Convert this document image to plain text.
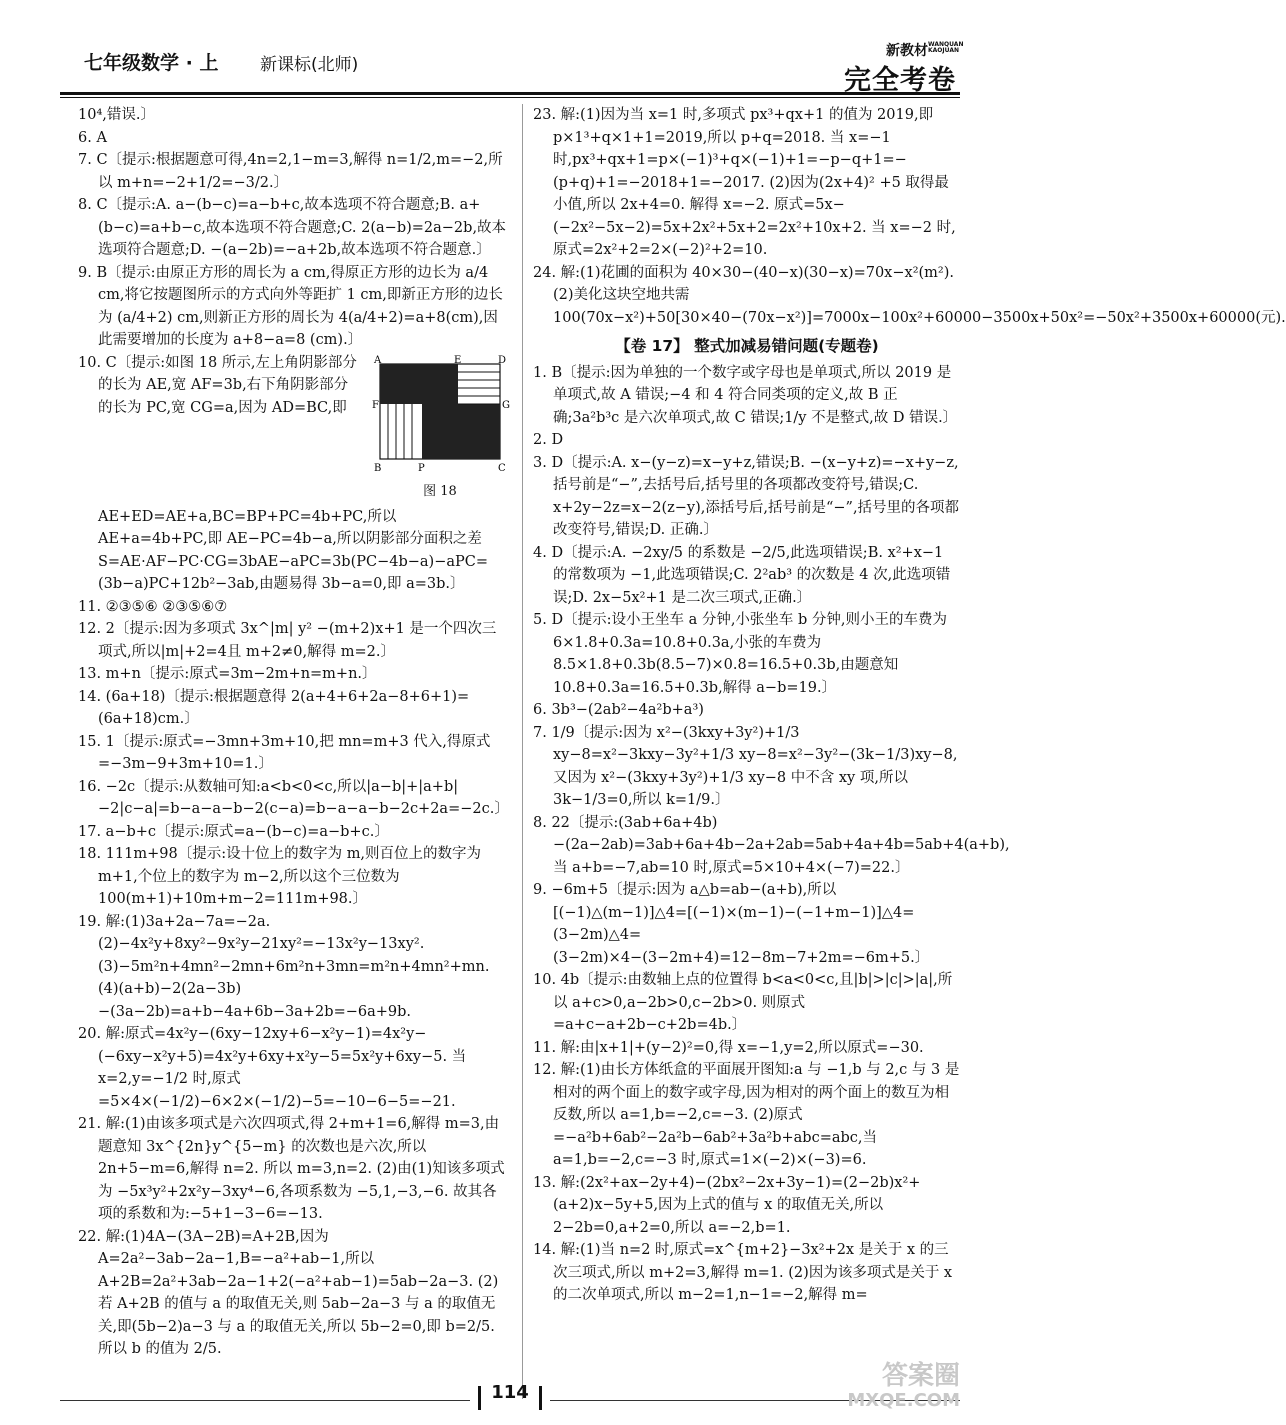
七年级数学 · 上 新课标(北师)
新教材 WANQUAN KAOJUAN
完全考卷
10⁴,错误.〕
6. A
7. C〔提示:根据题意可得,4n=2,1−m=3,解得 n=1/2,m=−2,所以 m+n=−2+1/2=−3/2.〕
8. C〔提示:A. a−(b−c)=a−b+c,故本选项不符合题意;B. a+(b−c)=a+b−c,故本选项不符合题意;C. 2(a−b)=2a−2b,故本选项符合题意;D. −(a−2b)=−a+2b,故本选项不符合题意.〕
9. B〔提示:由原正方形的周长为 a cm,得原正方形的边长为 a/4 cm,将它按题图所示的方式向外等距扩 1 cm,即新正方形的边长为 (a/4+2) cm,则新正方形的周长为 4(a/4+2)=a+8(cm),因此需要增加的长度为 a+8−a=8 (cm).〕
A	E	D
F	G
B	P	C
图 18
10. C〔提示:如图 18 所示,左上角阴影部分的长为 AE,宽 AF=3b,右下角阴影部分的长为 PC,宽 CG=a,因为 AD=BC,即 AE+ED=AE+a,BC=BP+PC=4b+PC,所以 AE+a=4b+PC,即 AE−PC=4b−a,所以阴影部分面积之差 S=AE·AF−PC·CG=3bAE−aPC=3b(PC−4b−a)−aPC=(3b−a)PC+12b²−3ab,由题易得 3b−a=0,即 a=3b.〕
11. ②③⑤⑥ ②③⑤⑥⑦
12. 2〔提示:因为多项式 3x^|m| y² −(m+2)x+1 是一个四次三项式,所以|m|+2=4且 m+2≠0,解得 m=2.〕
13. m+n〔提示:原式=3m−2m+n=m+n.〕
14. (6a+18)〔提示:根据题意得 2(a+4+6+2a−8+6+1)=(6a+18)cm.〕
15. 1〔提示:原式=−3mn+3m+10,把 mn=m+3 代入,得原式=−3m−9+3m+10=1.〕
16. −2c〔提示:从数轴可知:a<b<0<c,所以|a−b|+|a+b|−2|c−a|=b−a−a−b−2(c−a)=b−a−a−b−2c+2a=−2c.〕
17. a−b+c〔提示:原式=a−(b−c)=a−b+c.〕
18. 111m+98〔提示:设十位上的数字为 m,则百位上的数字为 m+1,个位上的数字为 m−2,所以这个三位数为 100(m+1)+10m+m−2=111m+98.〕
19. 解:(1)3a+2a−7a=−2a. (2)−4x²y+8xy²−9x²y−21xy²=−13x²y−13xy². (3)−5m²n+4mn²−2mn+6m²n+3mn=m²n+4mn²+mn. (4)(a+b)−2(2a−3b)−(3a−2b)=a+b−4a+6b−3a+2b=−6a+9b.
20. 解:原式=4x²y−(6xy−12xy+6−x²y−1)=4x²y−(−6xy−x²y+5)=4x²y+6xy+x²y−5=5x²y+6xy−5. 当 x=2,y=−1/2 时,原式=5×4×(−1/2)−6×2×(−1/2)−5=−10−6−5=−21.
21. 解:(1)由该多项式是六次四项式,得 2+m+1=6,解得 m=3,由题意知 3x^{2n}y^{5−m} 的次数也是六次,所以 2n+5−m=6,解得 n=2. 所以 m=3,n=2. (2)由(1)知该多项式为 −5x³y²+2x²y−3xy⁴−6,各项系数为 −5,1,−3,−6. 故其各项的系数和为:−5+1−3−6=−13.
22. 解:(1)4A−(3A−2B)=A+2B,因为 A=2a²−3ab−2a−1,B=−a²+ab−1,所以 A+2B=2a²+3ab−2a−1+2(−a²+ab−1)=5ab−2a−3. (2)若 A+2B 的值与 a 的取值无关,则 5ab−2a−3 与 a 的取值无关,即(5b−2)a−3 与 a 的取值无关,所以 5b−2=0,即 b=2/5. 所以 b 的值为 2/5.
23. 解:(1)因为当 x=1 时,多项式 px³+qx+1 的值为 2019,即 p×1³+q×1+1=2019,所以 p+q=2018. 当 x=−1 时,px³+qx+1=p×(−1)³+q×(−1)+1=−p−q+1=−(p+q)+1=−2018+1=−2017. (2)因为(2x+4)² +5 取得最小值,所以 2x+4=0. 解得 x=−2. 原式=5x−(−2x²−5x−2)=5x+2x²+5x+2=2x²+10x+2. 当 x=−2 时,原式=2x²+2=2×(−2)²+2=10.
24. 解:(1)花圃的面积为 40×30−(40−x)(30−x)=70x−x²(m²). (2)美化这块空地共需 100(70x−x²)+50[30×40−(70x−x²)]=7000x−100x²+60000−3500x+50x²=−50x²+3500x+60000(元).
【卷 17】 整式加减易错问题(专题卷)
1. B〔提示:因为单独的一个数字或字母也是单项式,所以 2019 是单项式,故 A 错误;−4 和 4 符合同类项的定义,故 B 正确;3a²b³c 是六次单项式,故 C 错误;1/y 不是整式,故 D 错误.〕
2. D
3. D〔提示:A. x−(y−z)=x−y+z,错误;B. −(x−y+z)=−x+y−z,括号前是“−”,去括号后,括号里的各项都改变符号,错误;C. x+2y−2z=x−2(z−y),添括号后,括号前是“−”,括号里的各项都改变符号,错误;D. 正确.〕
4. D〔提示:A. −2xy/5 的系数是 −2/5,此选项错误;B. x²+x−1 的常数项为 −1,此选项错误;C. 2²ab³ 的次数是 4 次,此选项错误;D. 2x−5x²+1 是二次三项式,正确.〕
5. D〔提示:设小王坐车 a 分钟,小张坐车 b 分钟,则小王的车费为 6×1.8+0.3a=10.8+0.3a,小张的车费为 8.5×1.8+0.3b(8.5−7)×0.8=16.5+0.3b,由题意知 10.8+0.3a=16.5+0.3b,解得 a−b=19.〕
6. 3b³−(2ab²−4a²b+a³)
7. 1/9〔提示:因为 x²−(3kxy+3y²)+1/3 xy−8=x²−3kxy−3y²+1/3 xy−8=x²−3y²−(3k−1/3)xy−8,又因为 x²−(3kxy+3y²)+1/3 xy−8 中不含 xy 项,所以 3k−1/3=0,所以 k=1/9.〕
8. 22〔提示:(3ab+6a+4b)−(2a−2ab)=3ab+6a+4b−2a+2ab=5ab+4a+4b=5ab+4(a+b),当 a+b=−7,ab=10 时,原式=5×10+4×(−7)=22.〕
9. −6m+5〔提示:因为 a△b=ab−(a+b),所以[(−1)△(m−1)]△4=[(−1)×(m−1)−(−1+m−1)]△4=(3−2m)△4=(3−2m)×4−(3−2m+4)=12−8m−7+2m=−6m+5.〕
10. 4b〔提示:由数轴上点的位置得 b<a<0<c,且|b|>|c|>|a|,所以 a+c>0,a−2b>0,c−2b>0. 则原式=a+c−a+2b−c+2b=4b.〕
11. 解:由|x+1|+(y−2)²=0,得 x=−1,y=2,所以原式=−30.
12. 解:(1)由长方体纸盒的平面展开图知:a 与 −1,b 与 2,c 与 3 是相对的两个面上的数字或字母,因为相对的两个面上的数互为相反数,所以 a=1,b=−2,c=−3. (2)原式=−a²b+6ab²−2a²b−6ab²+3a²b+abc=abc,当 a=1,b=−2,c=−3 时,原式=1×(−2)×(−3)=6.
13. 解:(2x²+ax−2y+4)−(2bx²−2x+3y−1)=(2−2b)x²+(a+2)x−5y+5,因为上式的值与 x 的取值无关,所以 2−2b=0,a+2=0,所以 a=−2,b=1.
14. 解:(1)当 n=2 时,原式=x^{m+2}−3x²+2x 是关于 x 的三次三项式,所以 m+2=3,解得 m=1. (2)因为该多项式是关于 x 的二次单项式,所以 m−2=1,n−1=−2,解得 m=
114
答案圈
MXQE.COM
